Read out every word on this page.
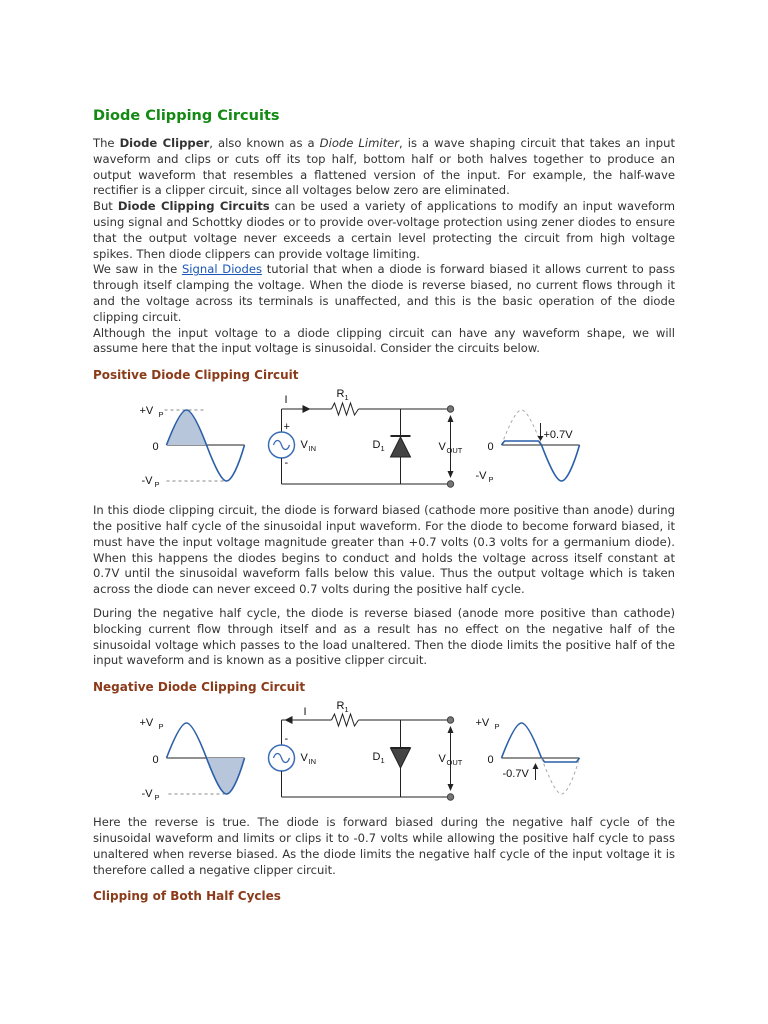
Diode Clipping Circuits

The Diode Clipper, also known as a Diode Limiter, is a wave shaping circuit that takes an input waveform and clips or cuts off its top half, bottom half or both halves together to produce an output waveform that resembles a flattened version of the input. For example, the half-wave rectifier is a clipper circuit, since all voltages below zero are eliminated.

But Diode Clipping Circuits can be used a variety of applications to modify an input waveform using signal and Schottky diodes or to provide over-voltage protection using zener diodes to ensure that the output voltage never exceeds a certain level protecting the circuit from high voltage spikes. Then diode clippers can provide voltage limiting.

We saw in the Signal Diodes tutorial that when a diode is forward biased it allows current to pass through itself clamping the voltage. When the diode is reverse biased, no current flows through it and the voltage across its terminals is unaffected, and this is the basic operation of the diode clipping circuit.

Although the input voltage to a diode clipping circuit can have any waveform shape, we will assume here that the input voltage is sinusoidal. Consider the circuits below.

Positive Diode Clipping Circuit
+V P
0
-V P
I	R 1
+
-
V IN	D 1	V OUT 0
-V P
+0.7V

In this diode clipping circuit, the diode is forward biased (cathode more positive than anode) during the positive half cycle of the sinusoidal input waveform. For the diode to become forward biased, it must have the input voltage magnitude greater than +0.7 volts (0.3 volts for a germanium diode). When this happens the diodes begins to conduct and holds the voltage across itself constant at 0.7V until the sinusoidal waveform falls below this value. Thus the output voltage which is taken across the diode can never exceed 0.7 volts during the positive half cycle.

During the negative half cycle, the diode is reverse biased (anode more positive than cathode) blocking current flow through itself and as a result has no effect on the negative half of the sinusoidal voltage which passes to the load unaltered. Then the diode limits the positive half of the input waveform and is known as a positive clipper circuit.

Negative Diode Clipping Circuit
+V P
0
-V P
I	R 1
-
V IN	D 1	V OUT
+V P
0
-0.7V

Here the reverse is true. The diode is forward biased during the negative half cycle of the sinusoidal waveform and limits or clips it to -0.7 volts while allowing the positive half cycle to pass unaltered when reverse biased. As the diode limits the negative half cycle of the input voltage it is therefore called a negative clipper circuit.

Clipping of Both Half Cycles
